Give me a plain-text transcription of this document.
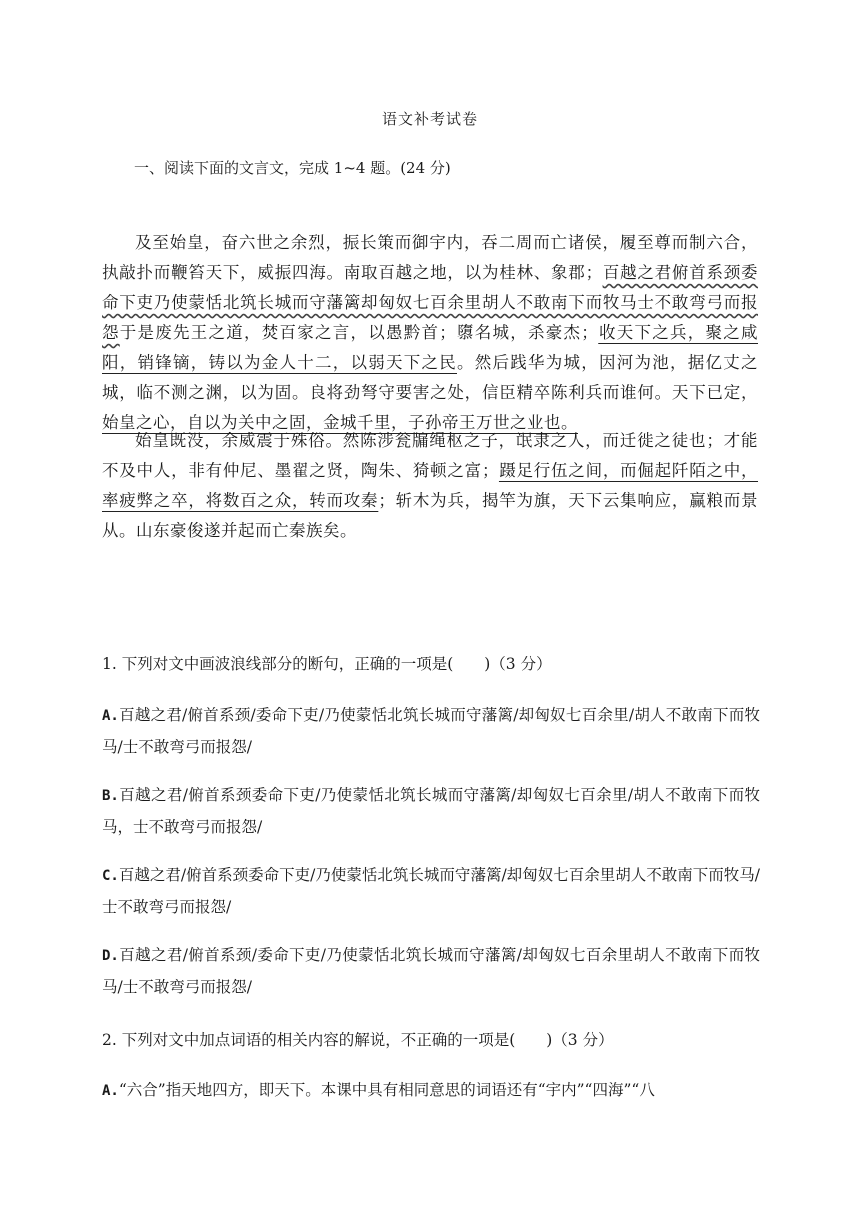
语文补考试卷
一、阅读下面的文言文，完成 1~4 题。(24 分)

及至始皇，奋六世之余烈，振长策而御宇内，吞二周而亡诸侯，履至尊而制六合，执敲扑而鞭笞天下，威振四海。南取百越之地，以为桂林、象郡；百越之君俯首系颈委命下吏乃使蒙恬北筑长城而守藩篱却匈奴七百余里胡人不敢南下而牧马士不敢弯弓而报怨于是废先王之道，焚百家之言，以愚黔首；隳名城，杀豪杰；收天下之兵，聚之咸阳，销锋镝，铸以为金人十二，以弱天下之民。然后践华为城，因河为池，据亿丈之城，临不测之渊，以为固。良将劲弩守要害之处，信臣精卒陈利兵而谁何。天下已定，始皇之心，自以为关中之固，金城千里，子孙帝王万世之业也。

始皇既没，余威震于殊俗。然陈涉瓮牖绳枢之子，氓隶之人，而迁徙之徒也；才能不及中人，非有仲尼、墨翟之贤，陶朱、猗顿之富；蹑足行伍之间，而倔起阡陌之中，率疲弊之卒，将数百之众，转而攻秦；斩木为兵，揭竿为旗，天下云集响应，赢粮而景从。山东豪俊遂并起而亡秦族矣。

1. 下列对文中画波浪线部分的断句，正确的一项是(　　)（3 分）
A.百越之君/俯首系颈/委命下吏/乃使蒙恬北筑长城而守藩篱/却匈奴七百余里/胡人不敢南下而牧马/士不敢弯弓而报怨/
B.百越之君/俯首系颈委命下吏/乃使蒙恬北筑长城而守藩篱/却匈奴七百余里/胡人不敢南下而牧马，士不敢弯弓而报怨/
C.百越之君/俯首系颈委命下吏/乃使蒙恬北筑长城而守藩篱/却匈奴七百余里胡人不敢南下而牧马/士不敢弯弓而报怨/
D.百越之君/俯首系颈/委命下吏/乃使蒙恬北筑长城而守藩篱/却匈奴七百余里胡人不敢南下而牧马/士不敢弯弓而报怨/
2. 下列对文中加点词语的相关内容的解说，不正确的一项是(　　)（3 分）
A.“六合”指天地四方，即天下。本课中具有相同意思的词语还有“宇内”“四海”“八
